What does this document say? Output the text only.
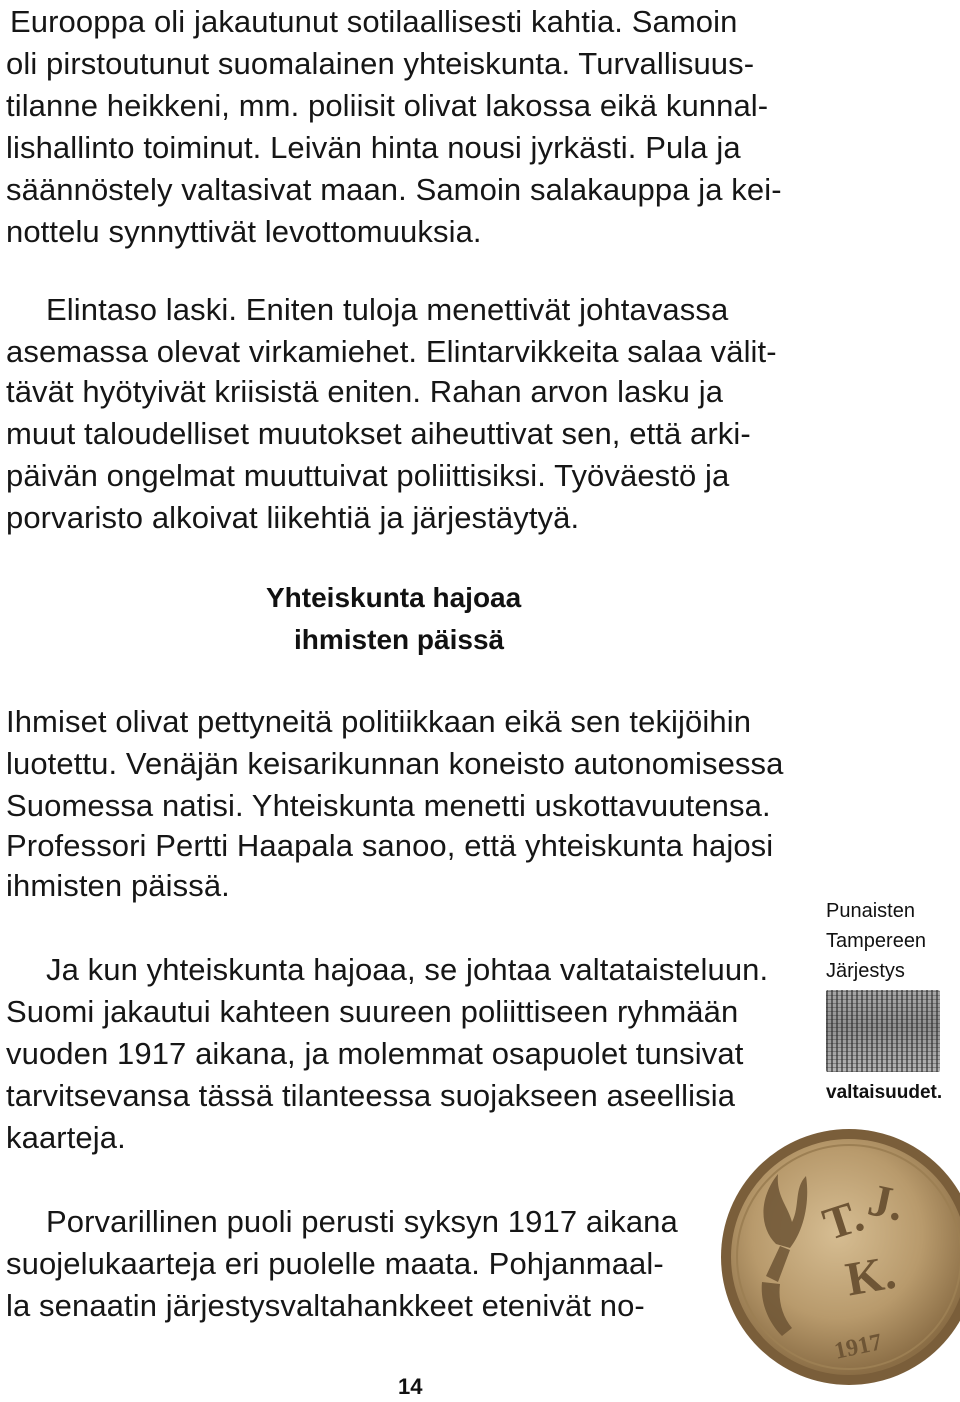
Eurooppa oli jakautunut sotilaallisesti kahtia. Samoin
oli pirstoutunut suomalainen yhteiskunta. Turvallisuus-
tilanne heikkeni, mm. poliisit olivat lakossa eikä kunnal-
lishallinto toiminut. Leivän hinta nousi jyrkästi. Pula ja
säännöstely valtasivat maan. Samoin salakauppa ja kei-
nottelu synnyttivät levottomuuksia.
Elintaso laski. Eniten tuloja menettivät johtavassa
asemassa olevat virkamiehet. Elintarvikkeita salaa välit-
tävät hyötyivät kriisistä eniten. Rahan arvon lasku ja
muut taloudelliset muutokset aiheuttivat sen, että arki-
päivän ongelmat muuttuivat poliittisiksi. Työväestö ja
porvaristo alkoivat liikehtiä ja järjestäytyä.
Yhteiskunta hajoaa
ihmisten päissä
Ihmiset olivat pettyneitä politiikkaan eikä sen tekijöihin
luotettu. Venäjän keisarikunnan koneisto autonomisessa
Suomessa natisi. Yhteiskunta menetti uskottavuutensa.
Professori Pertti Haapala sanoo, että yhteiskunta hajosi
ihmisten päissä.
Ja kun yhteiskunta hajoaa, se johtaa valtataisteluun.
Suomi jakautui kahteen suureen poliittiseen ryhmään
vuoden 1917 aikana, ja molemmat osapuolet tunsivat
tarvitsevansa tässä tilanteessa suojakseen aseellisia
kaarteja.
Porvarillinen puoli perusti syksyn 1917 aikana
suojelukaarteja eri puolelle maata. Pohjanmaal-
la senaatin järjestysvaltahankkeet etenivät no-
Punaisten
Tampereen
Järjestys
valtaisuudet.
T.
J.
K.
1917
14
